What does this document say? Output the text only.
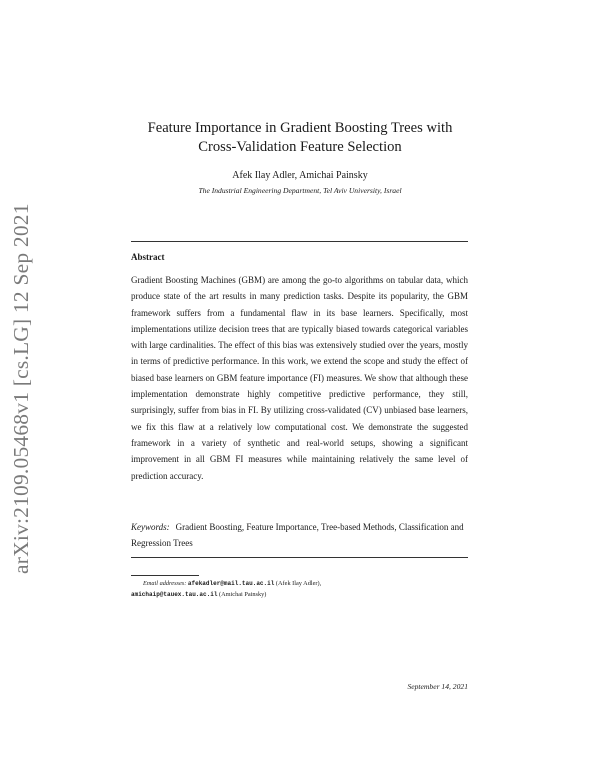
arXiv:2109.05468v1 [cs.LG] 12 Sep 2021
Feature Importance in Gradient Boosting Trees with
Cross-Validation Feature Selection
Afek Ilay Adler, Amichai Painsky
The Industrial Engineering Department, Tel Aviv University, Israel
Abstract

Gradient Boosting Machines (GBM) are among the go-to algorithms on tabular data, which produce state of the art results in many prediction tasks. Despite its popularity, the GBM framework suffers from a fundamental flaw in its base learners. Specifically, most implementations utilize decision trees that are typically biased towards categorical variables with large cardinalities. The effect of this bias was extensively studied over the years, mostly in terms of predictive performance. In this work, we extend the scope and study the effect of biased base learners on GBM feature importance (FI) measures. We show that although these implementation demonstrate highly competitive predictive performance, they still, surprisingly, suffer from bias in FI. By utilizing cross-validated (CV) unbiased base learners, we fix this flaw at a relatively low computational cost. We demonstrate the suggested framework in a variety of synthetic and real-world setups, showing a significant improvement in all GBM FI measures while maintaining relatively the same level of prediction accuracy.

Keywords: Gradient Boosting, Feature Importance, Tree-based Methods, Classification and Regression Trees

Email addresses: afekadler@mail.tau.ac.il (Afek Ilay Adler),
amichaip@tauex.tau.ac.il (Amichai Painsky)
September 14, 2021
